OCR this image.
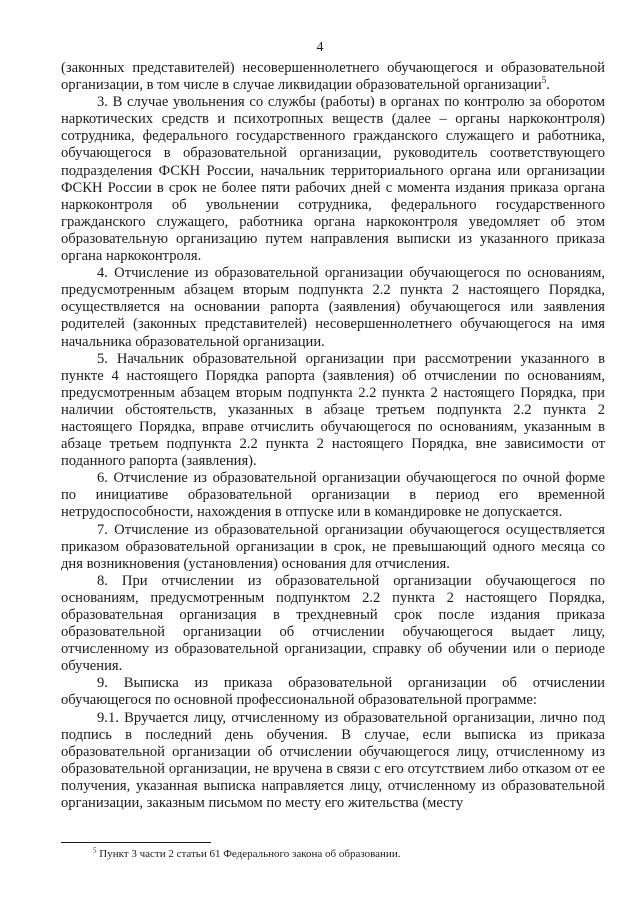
4

(законных представителей) несовершеннолетнего обучающегося и образовательной организации, в том числе в случае ликвидации образовательной организации$^5$.

3. В случае увольнения со службы (работы) в органах по контролю за оборотом наркотических средств и психотропных веществ (далее – органы наркоконтроля) сотрудника, федерального государственного гражданского служащего и работника, обучающегося в образовательной организации, руководитель соответствующего подразделения ФСКН России, начальник территориального органа или организации ФСКН России в срок не более пяти рабочих дней с момента издания приказа органа наркоконтроля об увольнении сотрудника, федерального государственного гражданского служащего, работника органа наркоконтроля уведомляет об этом образовательную организацию путем направления выписки из указанного приказа органа наркоконтроля.

4. Отчисление из образовательной организации обучающегося по основаниям, предусмотренным абзацем вторым подпункта 2.2 пункта 2 настоящего Порядка, осуществляется на основании рапорта (заявления) обучающегося или заявления родителей (законных представителей) несовершеннолетнего обучающегося на имя начальника образовательной организации.

5. Начальник образовательной организации при рассмотрении указанного в пункте 4 настоящего Порядка рапорта (заявления) об отчислении по основаниям, предусмотренным абзацем вторым подпункта 2.2 пункта 2 настоящего Порядка, при наличии обстоятельств, указанных в абзаце третьем подпункта 2.2 пункта 2 настоящего Порядка, вправе отчислить обучающегося по основаниям, указанным в абзаце третьем подпункта 2.2 пункта 2 настоящего Порядка, вне зависимости от поданного рапорта (заявления).

6. Отчисление из образовательной организации обучающегося по очной форме по инициативе образовательной организации в период его временной нетрудоспособности, нахождения в отпуске или в командировке не допускается.

7. Отчисление из образовательной организации обучающегося осуществляется приказом образовательной организации в срок, не превышающий одного месяца со дня возникновения (установления) основания для отчисления.

8. При отчислении из образовательной организации обучающегося по основаниям, предусмотренным подпунктом 2.2 пункта 2 настоящего Порядка, образовательная организация в трехдневный срок после издания приказа образовательной организации об отчислении обучающегося выдает лицу, отчисленному из образовательной организации, справку об обучении или о периоде обучения.

9. Выписка из приказа образовательной организации об отчислении обучающегося по основной профессиональной образовательной программе:

9.1. Вручается лицу, отчисленному из образовательной организации, лично под подпись в последний день обучения. В случае, если выписка из приказа образовательной организации об отчислении обучающегося лицу, отчисленному из образовательной организации, не вручена в связи с его отсутствием либо отказом от ее получения, указанная выписка направляется лицу, отчисленному из образовательной организации, заказным письмом по месту его жительства (месту

$^5$ Пункт 3 части 2 статьи 61 Федерального закона об образовании.
